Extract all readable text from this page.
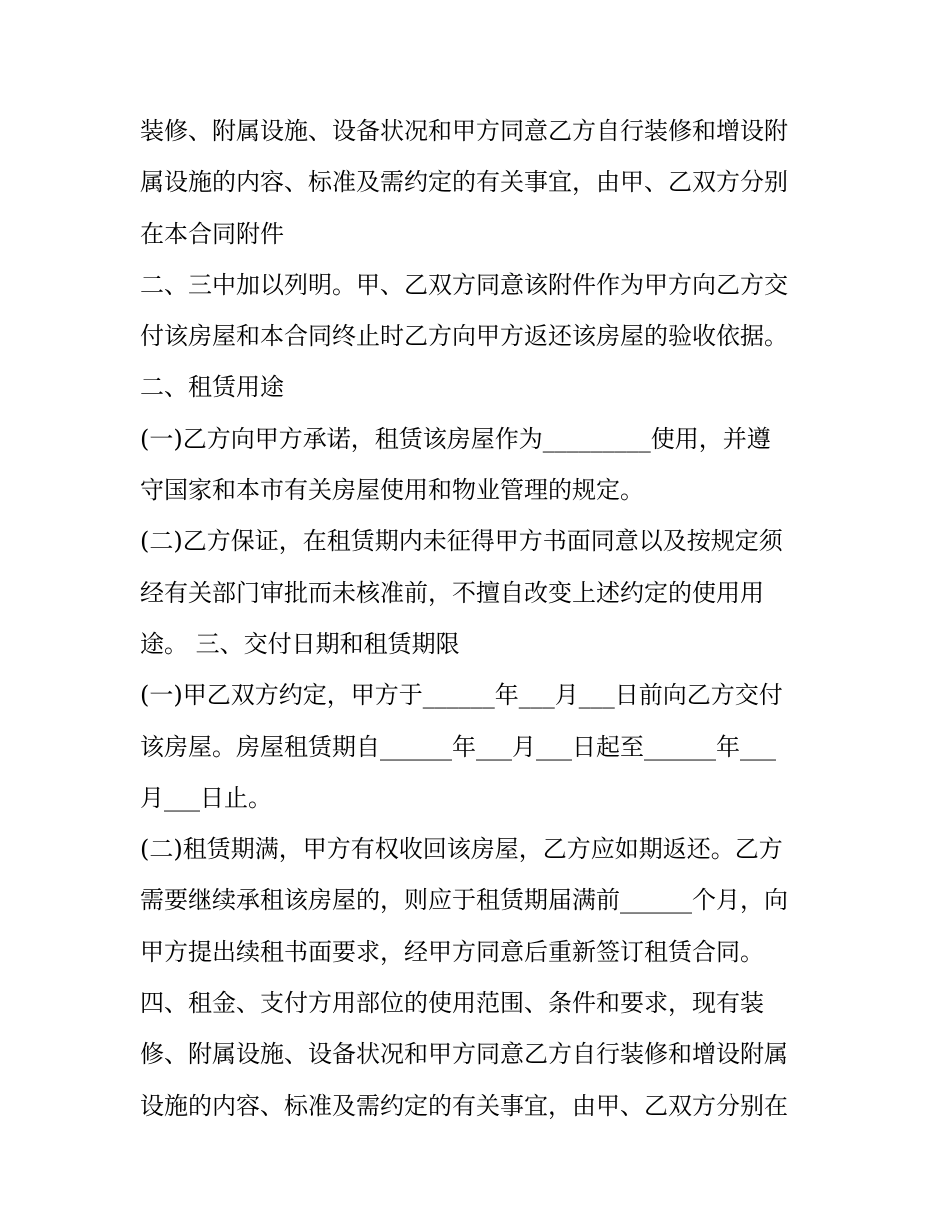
装修、附属设施、设备状况和甲方同意乙方自行装修和增设附
属设施的内容、标准及需约定的有关事宜，由甲、乙双方分别
在本合同附件
二、三中加以列明。甲、乙双方同意该附件作为甲方向乙方交
付该房屋和本合同终止时乙方向甲方返还该房屋的验收依据。
二、租赁用途
(一)乙方向甲方承诺，租赁该房屋作为_________使用，并遵
守国家和本市有关房屋使用和物业管理的规定。
(二)乙方保证，在租赁期内未征得甲方书面同意以及按规定须
经有关部门审批而未核准前，不擅自改变上述约定的使用用
途。 三、交付日期和租赁期限
(一)甲乙双方约定，甲方于______年___月___日前向乙方交付
该房屋。房屋租赁期自______年___月___日起至______年___
月___日止。
(二)租赁期满，甲方有权收回该房屋，乙方应如期返还。乙方
需要继续承租该房屋的，则应于租赁期届满前______个月，向
甲方提出续租书面要求，经甲方同意后重新签订租赁合同。
四、租金、支付方用部位的使用范围、条件和要求，现有装
修、附属设施、设备状况和甲方同意乙方自行装修和增设附属
设施的内容、标准及需约定的有关事宜，由甲、乙双方分别在
